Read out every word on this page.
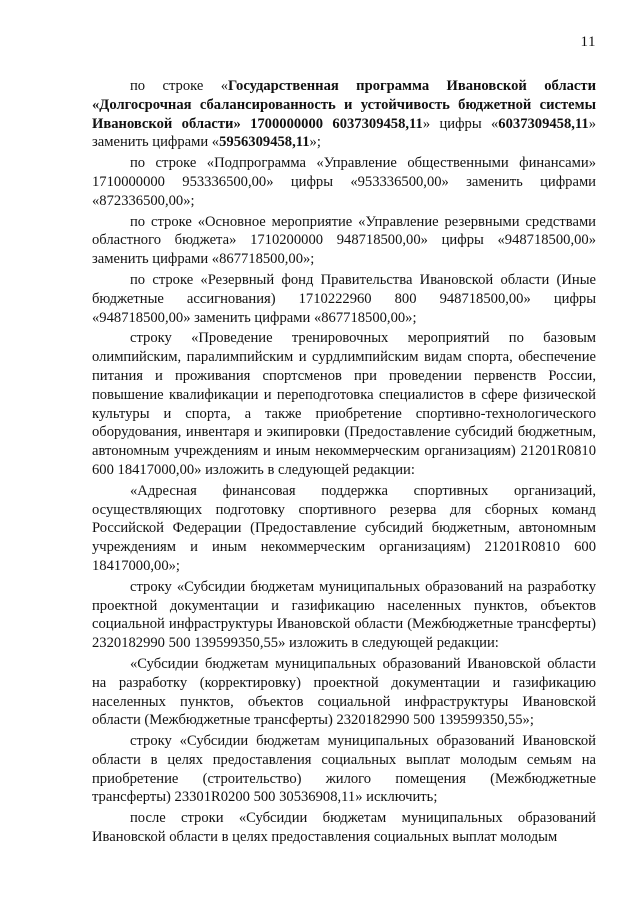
11

по строке «Государственная программа Ивановской области «Долгосрочная сбалансированность и устойчивость бюджетной системы Ивановской области» 1700000000 6037309458,11» цифры «6037309458,11» заменить цифрами «5956309458,11»;

по строке «Подпрограмма «Управление общественными финансами» 1710000000 953336500,00» цифры «953336500,00» заменить цифрами «872336500,00»;

по строке «Основное мероприятие «Управление резервными средствами областного бюджета» 1710200000 948718500,00» цифры «948718500,00» заменить цифрами «867718500,00»;

по строке «Резервный фонд Правительства Ивановской области (Иные бюджетные ассигнования) 1710222960 800 948718500,00» цифры «948718500,00» заменить цифрами «867718500,00»;

строку «Проведение тренировочных мероприятий по базовым олимпийским, паралимпийским и сурдлимпийским видам спорта, обеспечение питания и проживания спортсменов при проведении первенств России, повышение квалификации и переподготовка специалистов в сфере физической культуры и спорта, а также приобретение спортивно-технологического оборудования, инвентаря и экипировки (Предоставление субсидий бюджетным, автономным учреждениям и иным некоммерческим организациям) 21201R0810 600 18417000,00» изложить в следующей редакции:

«Адресная финансовая поддержка спортивных организаций, осуществляющих подготовку спортивного резерва для сборных команд Российской Федерации (Предоставление субсидий бюджетным, автономным учреждениям и иным некоммерческим организациям) 21201R0810 600 18417000,00»;

строку «Субсидии бюджетам муниципальных образований на разработку проектной документации и газификацию населенных пунктов, объектов социальной инфраструктуры Ивановской области (Межбюджетные трансферты) 2320182990 500 139599350,55» изложить в следующей редакции:

«Субсидии бюджетам муниципальных образований Ивановской области на разработку (корректировку) проектной документации и газификацию населенных пунктов, объектов социальной инфраструктуры Ивановской области (Межбюджетные трансферты) 2320182990 500 139599350,55»;

строку «Субсидии бюджетам муниципальных образований Ивановской области в целях предоставления социальных выплат молодым семьям на приобретение (строительство) жилого помещения (Межбюджетные трансферты) 23301R0200 500 30536908,11» исключить;

после строки «Субсидии бюджетам муниципальных образований Ивановской области в целях предоставления социальных выплат молодым
